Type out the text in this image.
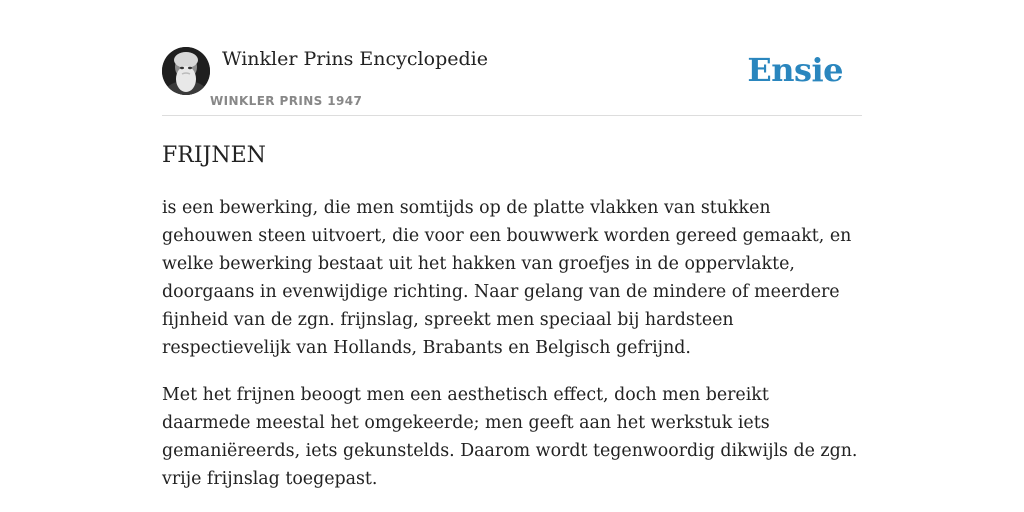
Winkler Prins Encyclopedie
WINKLER PRINS 1947
Ensie
FRIJNEN

is een bewerking, die men somtijds op de platte vlakken van stukken gehouwen steen uitvoert, die voor een bouwwerk worden gereed gemaakt, en welke bewerking bestaat uit het hakken van groefjes in de oppervlakte, doorgaans in evenwijdige richting. Naar gelang van de mindere of meerdere fijnheid van de zgn. frijnslag, spreekt men speciaal bij hardsteen respectievelijk van Hollands, Brabants en Belgisch gefrijnd.

Met het frijnen beoogt men een aesthetisch effect, doch men bereikt daarmede meestal het omgekeerde; men geeft aan het werkstuk iets gemaniëreerds, iets gekunstelds. Daarom wordt tegenwoordig dikwijls de zgn. vrije frijnslag toegepast.
